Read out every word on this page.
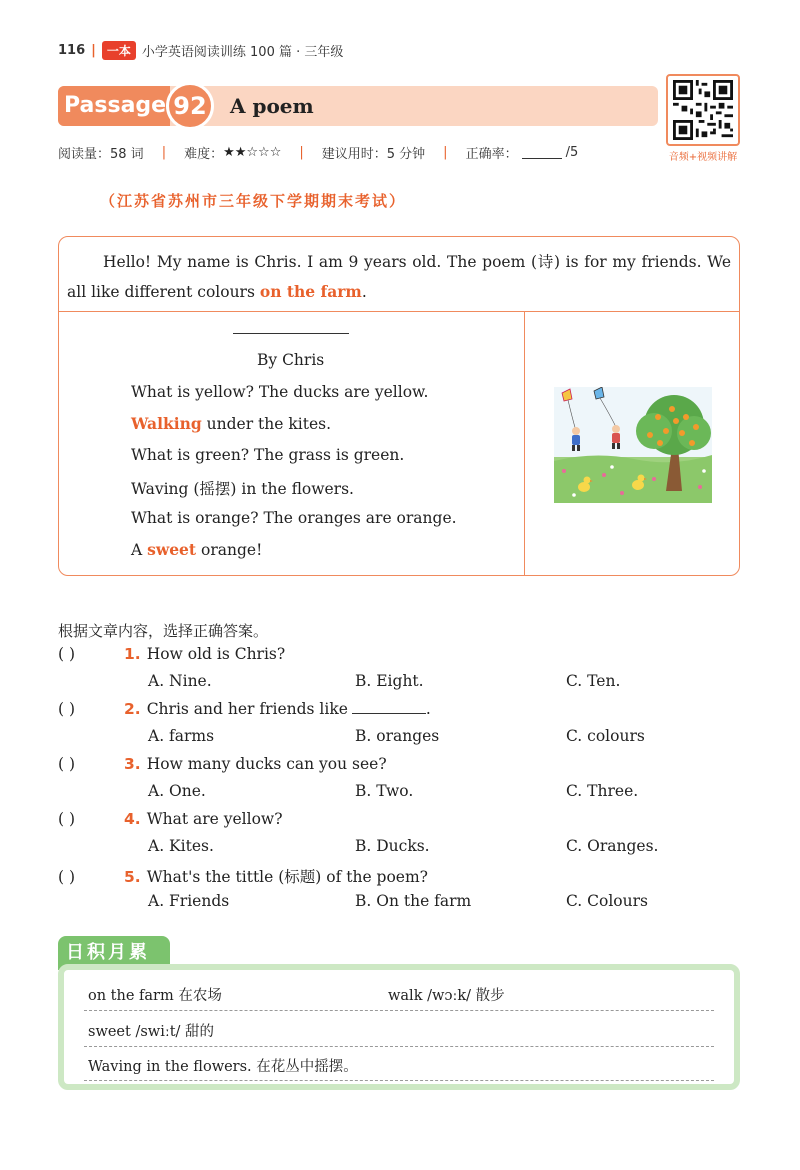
116 | 一本 小学英语阅读训练 100 篇 · 三年级
Passage 92	A poem
音频+视频讲解
阅读量：58 词 | 难度： ★★☆☆☆ | 建议用时：5 分钟 | 正确率：	/5
（江苏省苏州市三年级下学期期末考试）

Hello! My name is Chris. I am 9 years old. The poem (诗) is for my friends. We all like different colours on the farm.

By Chris
What is yellow? The ducks are yellow.
Walking under the kites.
What is green? The grass is green.
Waving (摇摆) in the flowers.
What is orange? The oranges are orange.
A sweet orange!
根据文章内容，选择正确答案。
( )	1. How old is Chris?
A. Nine.	B. Eight.	C. Ten.
( )	2. Chris and her friends like	.
A. farms	B. oranges	C. colours
( )	3. How many ducks can you see?
A. One.	B. Two.	C. Three.
( )	4. What are yellow?
A. Kites.	B. Ducks.	C. Oranges.
( )	5. What's the tittle (标题) of the poem?
A. Friends	B. On the farm	C. Colours
日积月累
on the farm 在农场	walk /wɔːk/ 散步
sweet /swiːt/ 甜的
Waving in the flowers. 在花丛中摇摆。
